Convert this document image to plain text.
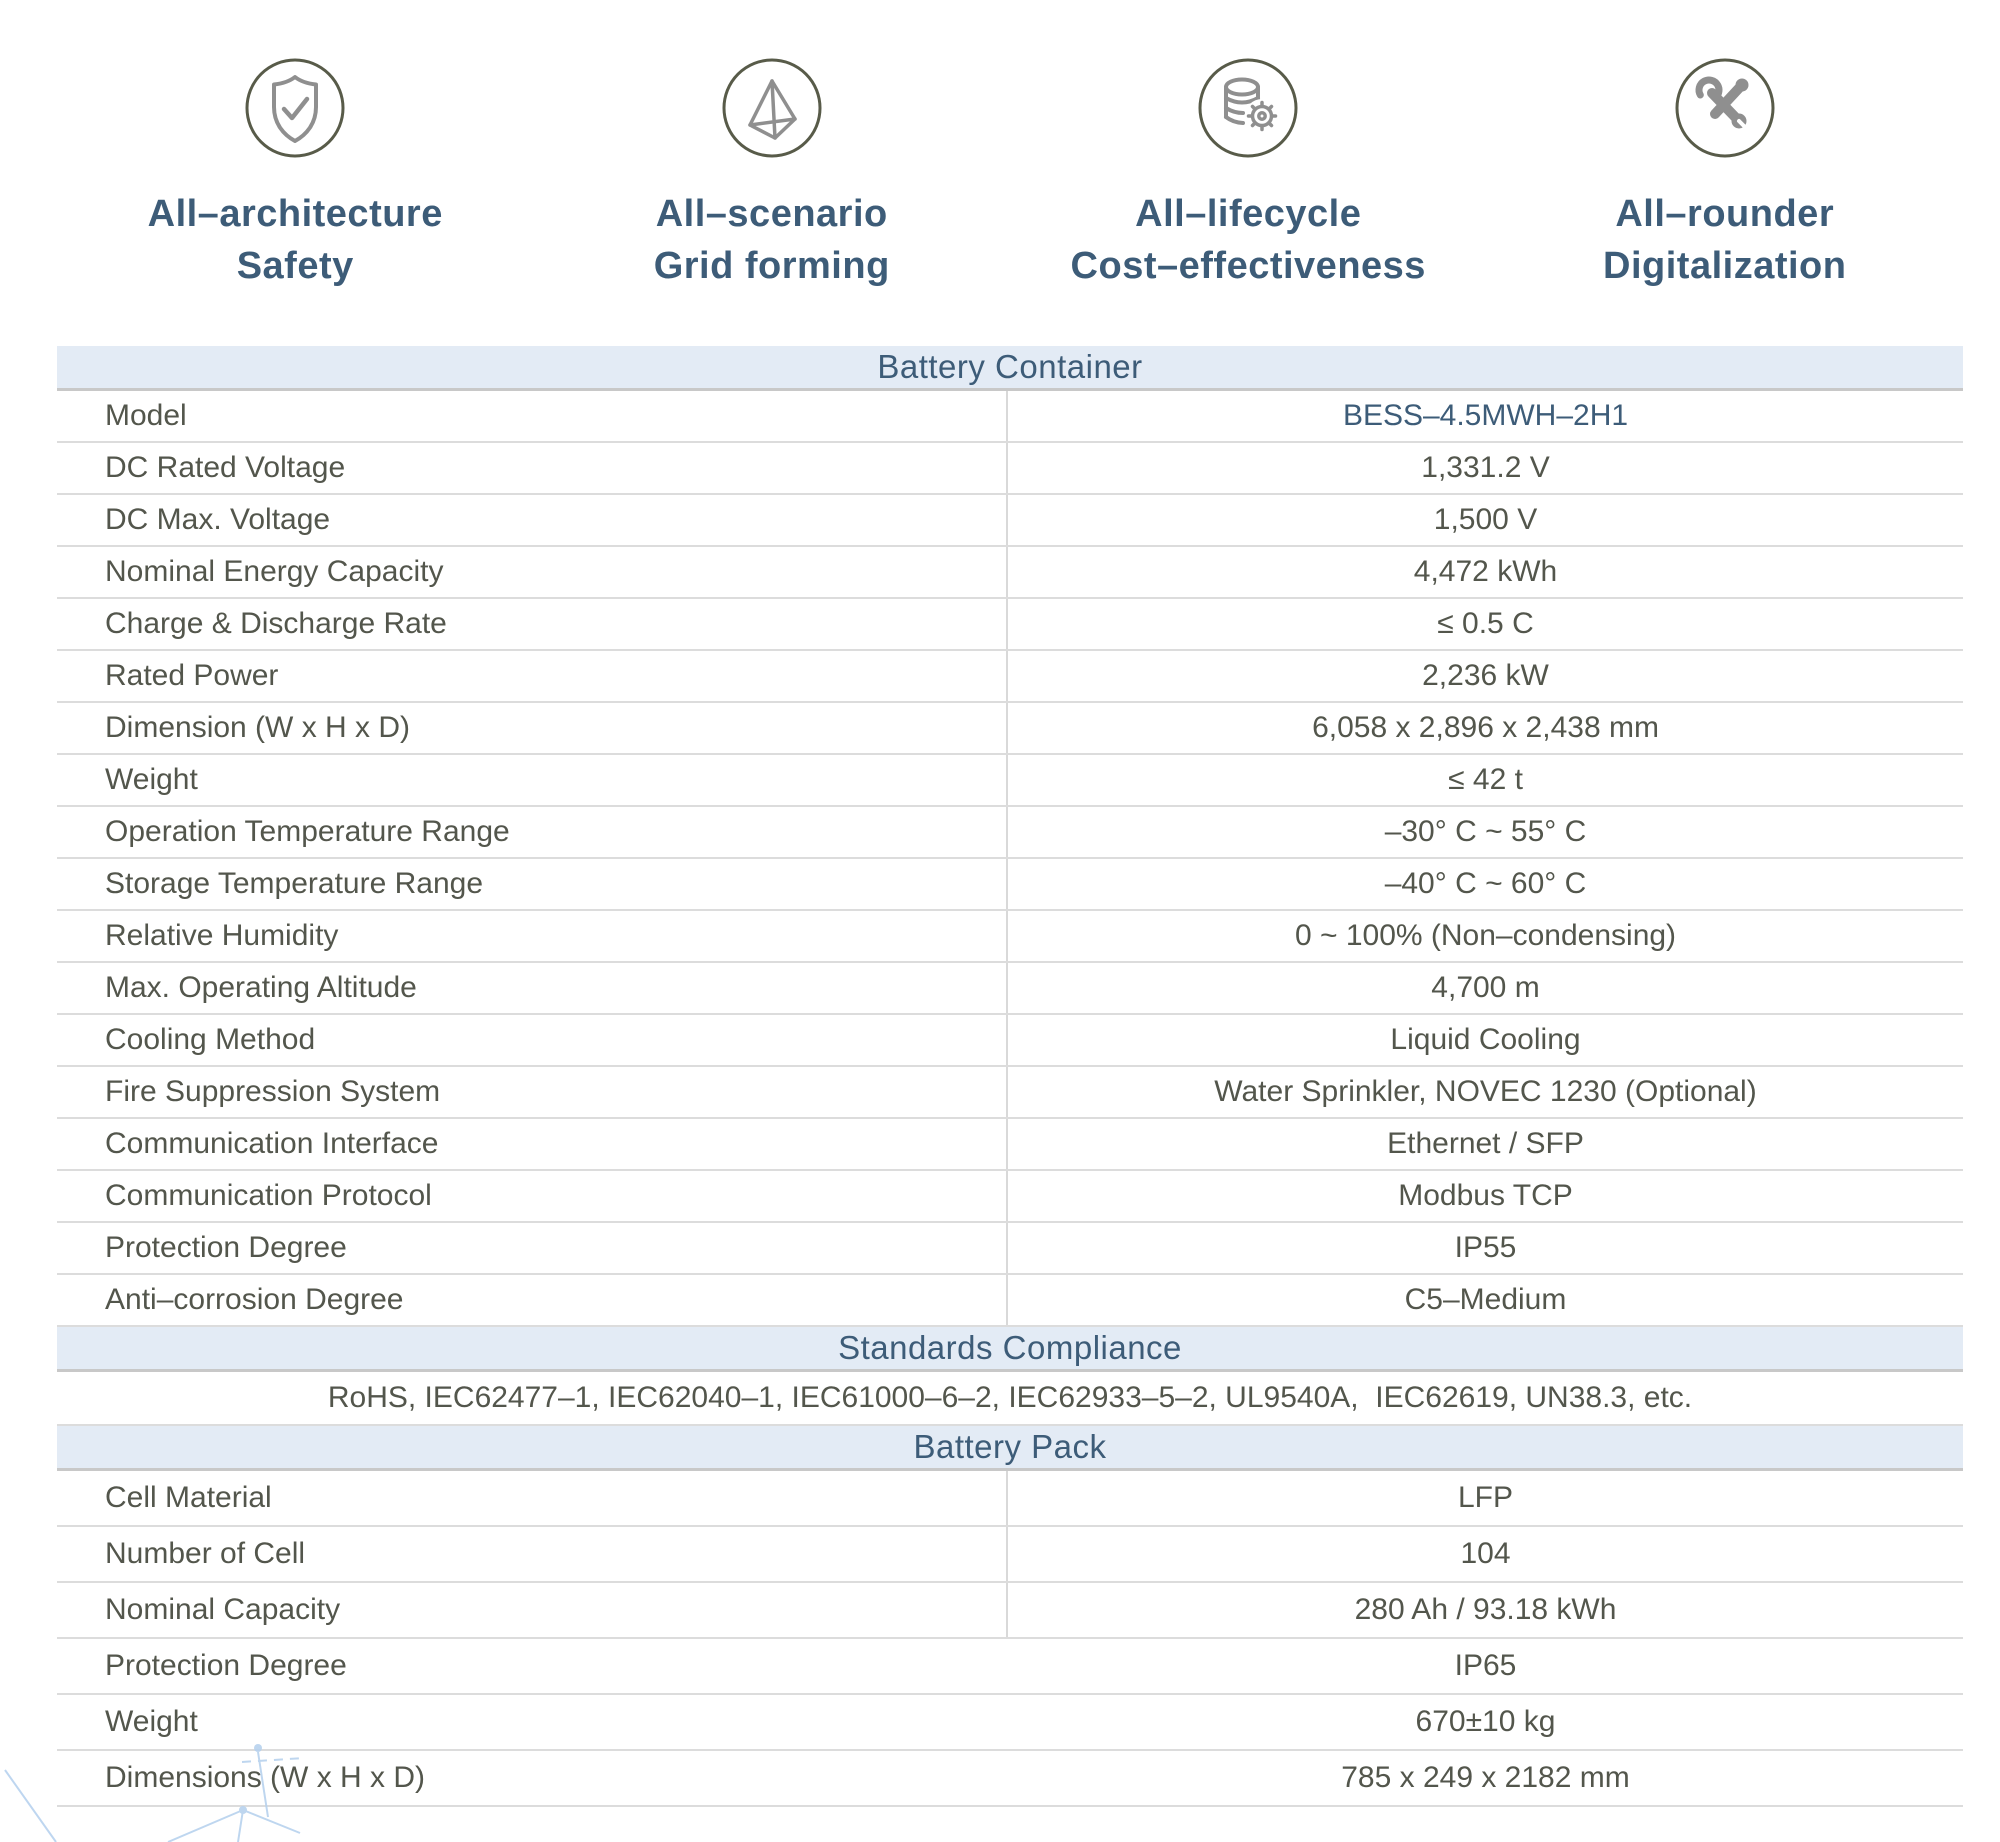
All–architecture
Safety
All–scenario
Grid forming
All–lifecycle
Cost–effectiveness
All–rounder
Digitalization
Battery Container
Model	BESS–4.5MWH–2H1
DC Rated Voltage	1,331.2 V
DC Max. Voltage	1,500 V
Nominal Energy Capacity	4,472 kWh
Charge & Discharge Rate	≤ 0.5 C
Rated Power	2,236 kW
Dimension (W x H x D)	6,058 x 2,896 x 2,438 mm
Weight	≤ 42 t
Operation Temperature Range	–30° C ~ 55° C
Storage Temperature Range	–40° C ~ 60° C
Relative Humidity	0 ~ 100% (Non–condensing)
Max. Operating Altitude	4,700 m
Cooling Method	Liquid Cooling
Fire Suppression System	Water Sprinkler, NOVEC 1230 (Optional)
Communication Interface	Ethernet / SFP
Communication Protocol	Modbus TCP
Protection Degree	IP55
Anti–corrosion Degree	C5–Medium
Standards Compliance
RoHS, IEC62477–1, IEC62040–1, IEC61000–6–2, IEC62933–5–2, UL9540A,  IEC62619, UN38.3, etc.
Battery Pack
Cell Material	LFP
Number of Cell	104
Nominal Capacity	280 Ah / 93.18 kWh
Protection Degree	IP65
Weight	670±10 kg
Dimensions (W x H x D)	785 x 249 x 2182 mm
